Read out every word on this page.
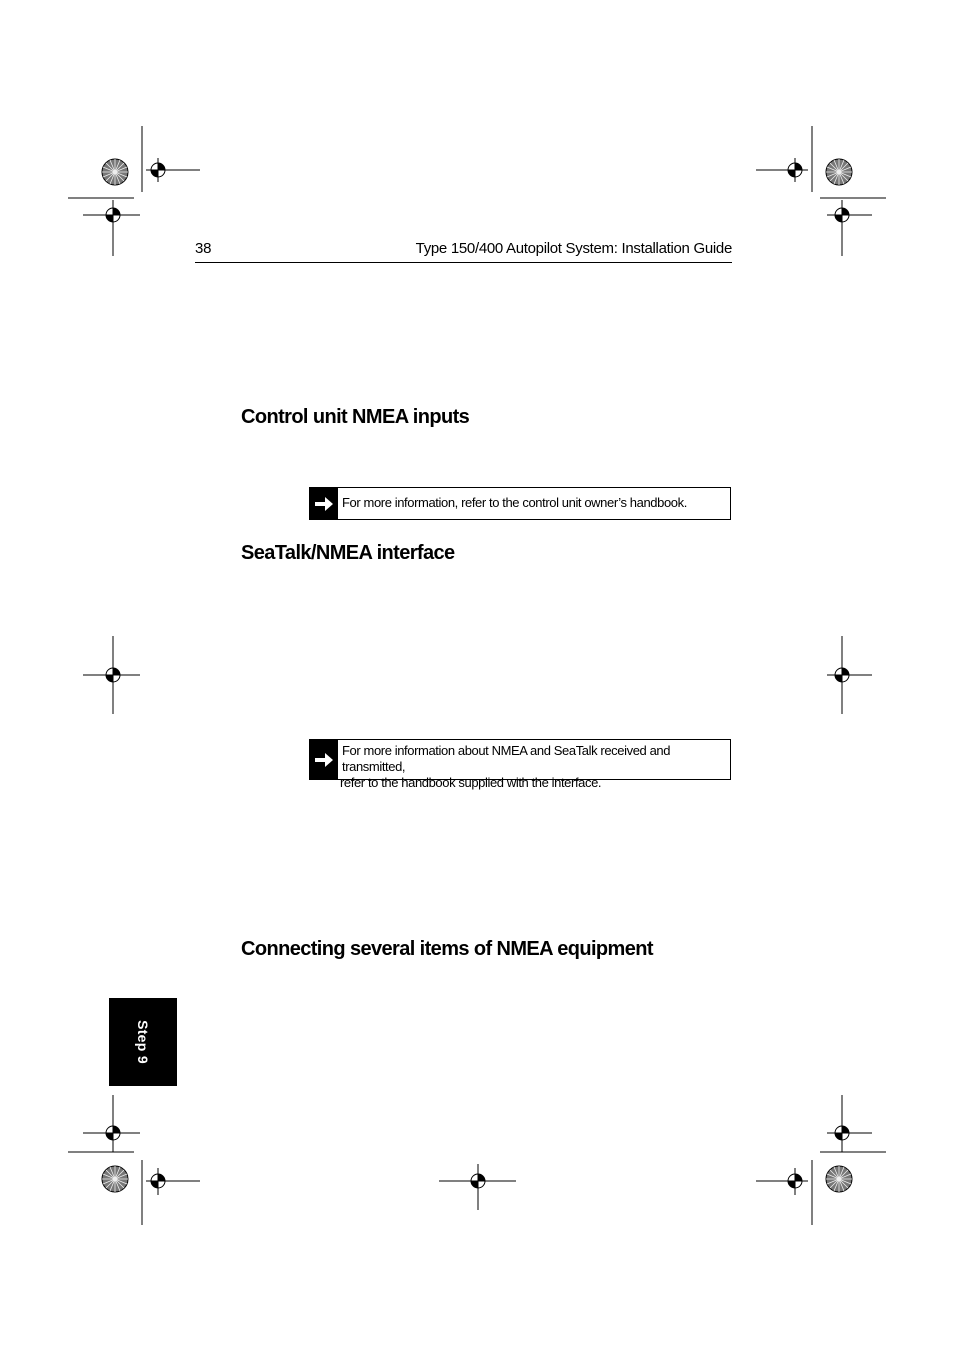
38	Type 150/400 Autopilot System: Installation Guide
Control unit NMEA inputs
For more information, refer to the control unit owner’s handbook.
SeaTalk/NMEA interface
For more information about NMEA and SeaTalk received and transmitted,
refer to the handbook supplied with the interface.
Connecting several items of NMEA equipment
Step 9
